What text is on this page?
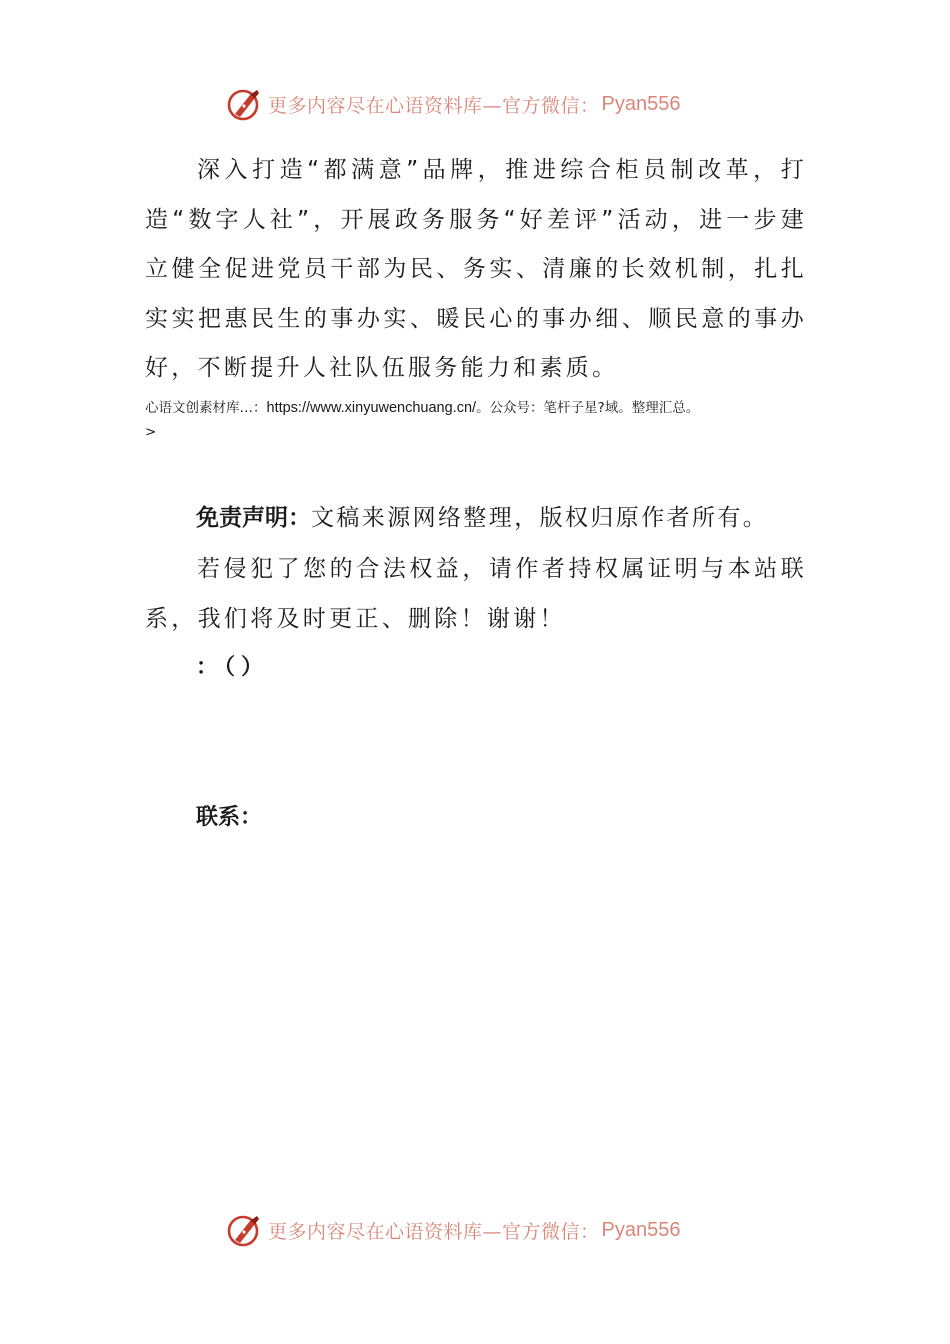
更多内容尽在心语资料库—官方微信： Pyan556

深入打造“都满意”品牌，推进综合柜员制改革，打造“数字人社”，开展政务服务“好差评”活动，进一步建立健全促进党员干部为民、务实、清廉的长效机制，扎扎实实把惠民生的事办实、暖民心的事办细、顺民意的事办好，不断提升人社队伍服务能力和素质。

心语文创素材库…：https://www.xinyuwenchuang.cn/。公众号：笔杆子星?域。整理汇总。
>

免责声明：文稿来源网络整理，版权归原作者所有。

若侵犯了您的合法权益，请作者持权属证明与本站联系，我们将及时更正、删除！谢谢！

：（）

联系：

更多内容尽在心语资料库—官方微信： Pyan556
